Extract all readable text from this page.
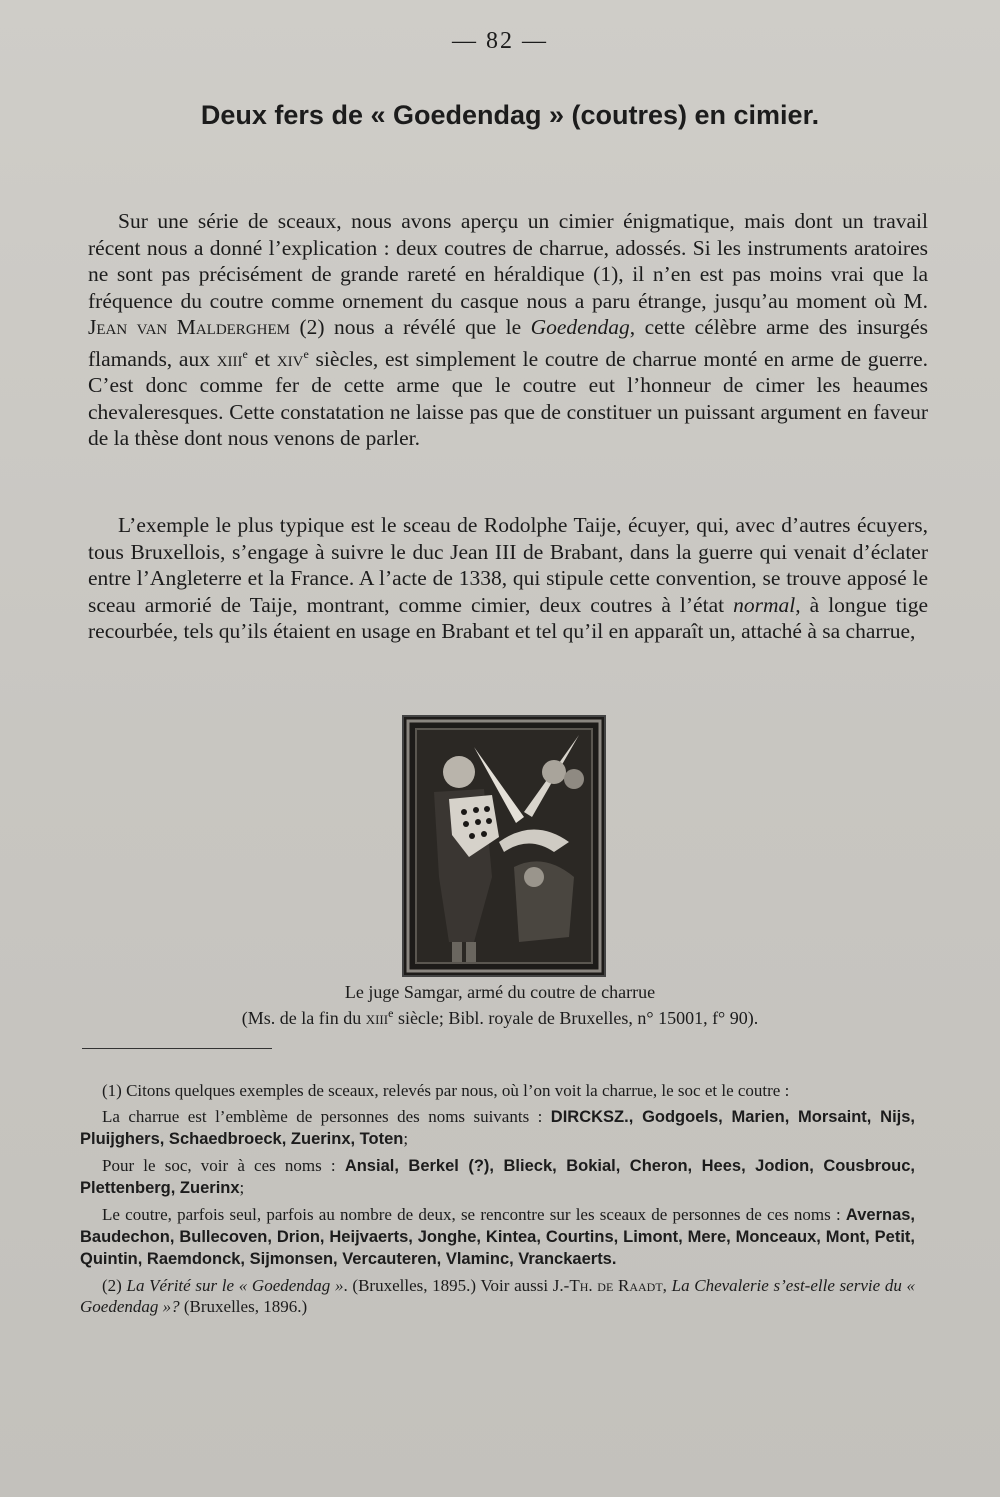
— 82 —
Deux fers de « Goedendag » (coutres) en cimier.

Sur une série de sceaux, nous avons aperçu un cimier énigmatique, mais dont un travail récent nous a donné l’explication : deux coutres de charrue, adossés. Si les instruments aratoires ne sont pas précisément de grande rareté en héraldique (1), il n’en est pas moins vrai que la fréquence du coutre comme ornement du casque nous a paru étrange, jusqu’au moment où M. Jean van Malderghem (2) nous a révélé que le Goedendag, cette célèbre arme des insurgés flamands, aux xiii$^e$ et xiv$^e$ siècles, est simplement le coutre de charrue monté en arme de guerre. C’est donc comme fer de cette arme que le coutre eut l’honneur de cimer les heaumes chevaleresques. Cette constatation ne laisse pas que de constituer un puissant argument en faveur de la thèse dont nous venons de parler.

L’exemple le plus typique est le sceau de Rodolphe Taije, écuyer, qui, avec d’autres écuyers, tous Bruxellois, s’engage à suivre le duc Jean III de Brabant, dans la guerre qui venait d’éclater entre l’Angleterre et la France. A l’acte de 1338, qui stipule cette convention, se trouve apposé le sceau armorié de Taije, montrant, comme cimier, deux coutres à l’état normal, à longue tige recourbée, tels qu’ils étaient en usage en Brabant et tel qu’il en apparaît un, attaché à sa charrue,

Le juge Samgar, armé du coutre de charrue
(Ms. de la fin du xiii$^e$ siècle; Bibl. royale de Bruxelles, n° 15001, f° 90).

(1) Citons quelques exemples de sceaux, relevés par nous, où l’on voit la charrue, le soc et le coutre :

La charrue est l’emblème de personnes des noms suivants : DIRCKSZ., Godgoels, Marien, Morsaint, Nijs, Pluijghers, Schaedbroeck, Zuerinx, Toten;

Pour le soc, voir à ces noms : Ansial, Berkel (?), Blieck, Bokial, Cheron, Hees, Jodion, Cousbrouc, Plettenberg, Zuerinx;

Le coutre, parfois seul, parfois au nombre de deux, se rencontre sur les sceaux de personnes de ces noms : Avernas, Baudechon, Bullecoven, Drion, Heijvaerts, Jonghe, Kintea, Courtins, Limont, Mere, Monceaux, Mont, Petit, Quintin, Raemdonck, Sijmonsen, Vercauteren, Vlaminc, Vranckaerts.

(2) La Vérité sur le « Goedendag ». (Bruxelles, 1895.) Voir aussi J.-Th. de Raadt, La Chevalerie s’est-elle servie du « Goedendag »? (Bruxelles, 1896.)
